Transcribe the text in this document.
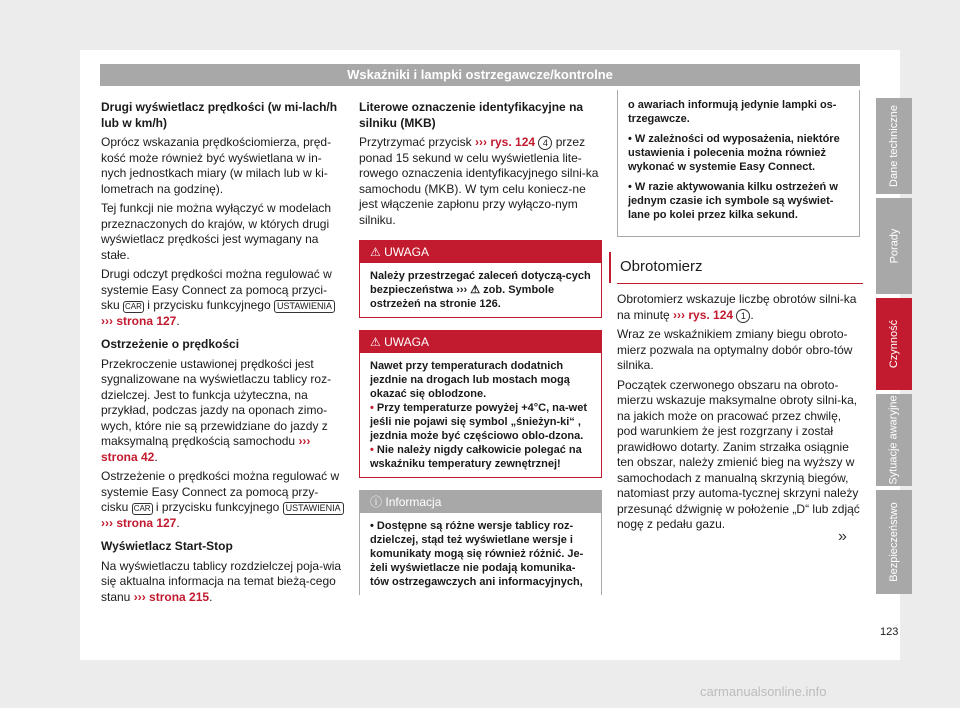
Wskaźniki i lampki ostrzegawcze/kontrolne

Drugi wyświetlacz prędkości (w mi-lach/h lub w km/h)

Oprócz wskazania prędkościomierza, pręd-kość może również być wyświetlana w in-nych jednostkach miary (w milach lub w ki-lometrach na godzinę).

Tej funkcji nie można wyłączyć w modelach przeznaczonych do krajów, w których drugi wyświetlacz prędkości jest wymagany na stałe.

Drugi odczyt prędkości można regulować w systemie Easy Connect za pomocą przyci-sku CAR i przycisku funkcyjnego USTAWIENIA ››› strona 127.

Ostrzeżenie o prędkości

Przekroczenie ustawionej prędkości jest sygnalizowane na wyświetlaczu tablicy roz-dzielczej. Jest to funkcja użyteczna, na przykład, podczas jazdy na oponach zimo-wych, które nie są przewidziane do jazdy z maksymalną prędkością samochodu ››› strona 42.

Ostrzeżenie o prędkości można regulować w systemie Easy Connect za pomocą przy-cisku CAR i przycisku funkcyjnego USTAWIENIA ››› strona 127.

Wyświetlacz Start-Stop

Na wyświetlaczu tablicy rozdzielczej poja-wia się aktualna informacja na temat bieżą-cego stanu ››› strona 215.

Literowe oznaczenie identyfikacyjne na silniku (MKB)

Przytrzymać przycisk ››› rys. 124 4 przez ponad 15 sekund w celu wyświetlenia lite-rowego oznaczenia identyfikacyjnego silni-ka samochodu (MKB). W tym celu koniecz-ne jest włączenie zapłonu przy wyłączo-nym silniku.

⚠ UWAGA
Należy przestrzegać zaleceń dotyczą-cych bezpieczeństwa ››› ⚠ zob. Symbole ostrzeżeń na stronie 126.
⚠ UWAGA
Nawet przy temperaturach dodatnich jezdnie na drogach lub mostach mogą okazać się oblodzone.
• Przy temperaturze powyżej +4°C, na-wet jeśli nie pojawi się symbol „śnieżyn-ki“ , jezdnia może być częściowo oblo-dzona.
• Nie należy nigdy całkowicie polegać na wskaźniku temperatury zewnętrznej!
ⓘ Informacja
• Dostępne są różne wersje tablicy roz-dzielczej, stąd też wyświetlane wersje i komunikaty mogą się również różnić. Je-żeli wyświetlacze nie podają komunika-tów ostrzegawczych ani informacyjnych,

o awariach informują jedynie lampki os-trzegawcze.

• W zależności od wyposażenia, niektóre ustawienia i polecenia można również wykonać w systemie Easy Connect.

• W razie aktywowania kilku ostrzeżeń w jednym czasie ich symbole są wyświet-lane po kolei przez kilka sekund.

Obrotomierz

Obrotomierz wskazuje liczbę obrotów silni-ka na minutę ››› rys. 124 1 .

Wraz ze wskaźnikiem zmiany biegu obroto-mierz pozwala na optymalny dobór obro-tów silnika.

Początek czerwonego obszaru na obroto-mierzu wskazuje maksymalne obroty silni-ka, na jakich może on pracować przez chwilę, pod warunkiem że jest rozgrzany i został prawidłowo dotarty. Zanim strzałka osiągnie ten obszar, należy zmienić bieg na wyższy w samochodach z manualną skrzynią biegów, natomiast przy automa-tycznej skrzyni należy przesunąć dźwignię w położenie „D“ lub zdjąć nogę z pedału gazu.

»
Dane techniczne
Porady
Czynność
Sytuacje awaryjne
Bezpieczeństwo
123
carmanualsonline.info
